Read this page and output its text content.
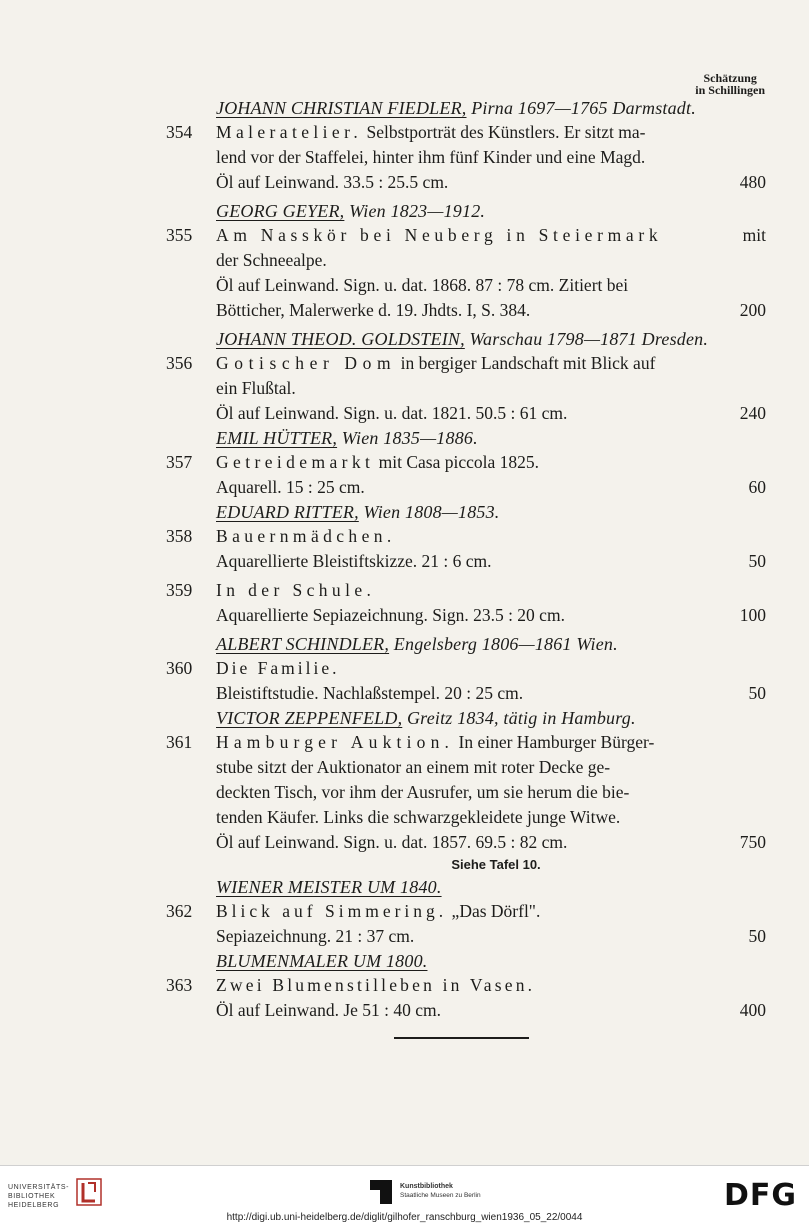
Schätzung
in Schillingen
JOHANN CHRISTIAN FIEDLER, Pirna 1697—1765 Darmstadt.
354	Maleratelier. Selbstporträt des Künstlers. Er sitzt ma-
lend vor der Staffelei, hinter ihm fünf Kinder und eine Magd.
Öl auf Leinwand. 33.5 : 25.5 cm.	480
GEORG GEYER, Wien 1823—1912.
355	Am Nasskör bei Neuberg in Steiermark	mit
der Schneealpe.
Öl auf Leinwand. Sign. u. dat. 1868. 87 : 78 cm. Zitiert bei
Bötticher, Malerwerke d. 19. Jhdts. I, S. 384.	200
JOHANN THEOD. GOLDSTEIN, Warschau 1798—1871 Dresden.
356	Gotischer Dom in bergiger Landschaft mit Blick auf
ein Flußtal.
Öl auf Leinwand. Sign. u. dat. 1821. 50.5 : 61 cm.	240
EMIL HÜTTER, Wien 1835—1886.
357	Getreidemarkt mit Casa piccola 1825.
Aquarell. 15 : 25 cm.	60
EDUARD RITTER, Wien 1808—1853.
358	Bauernmädchen.
Aquarellierte Bleistiftskizze. 21 : 6 cm.	50
359	In der Schule.
Aquarellierte Sepiazeichnung. Sign. 23.5 : 20 cm.	100
ALBERT SCHINDLER, Engelsberg 1806—1861 Wien.
360	Die Familie.
Bleistiftstudie. Nachlaßstempel. 20 : 25 cm.	50
VICTOR ZEPPENFELD, Greitz 1834, tätig in Hamburg.
361	Hamburger Auktion. In einer Hamburger Bürger-
stube sitzt der Auktionator an einem mit roter Decke ge-
deckten Tisch, vor ihm der Ausrufer, um sie herum die bie-
tenden Käufer. Links die schwarzgekleidete junge Witwe.
Öl auf Leinwand. Sign. u. dat. 1857. 69.5 : 82 cm.	750
Siehe Tafel 10.
WIENER MEISTER UM 1840.
362	Blick auf Simmering. „Das Dörfl".
Sepiazeichnung. 21 : 37 cm.	50
BLUMENMALER UM 1800.
363	Zwei Blumenstilleben in Vasen.
Öl auf Leinwand. Je 51 : 40 cm.	400
UNIVERSITÄTS-
BIBLIOTHEK
HEIDELBERG
Kunstbibliothek
Staatliche Museen zu Berlin	DFG
http://digi.ub.uni-heidelberg.de/diglit/gilhofer_ranschburg_wien1936_05_22/0044
